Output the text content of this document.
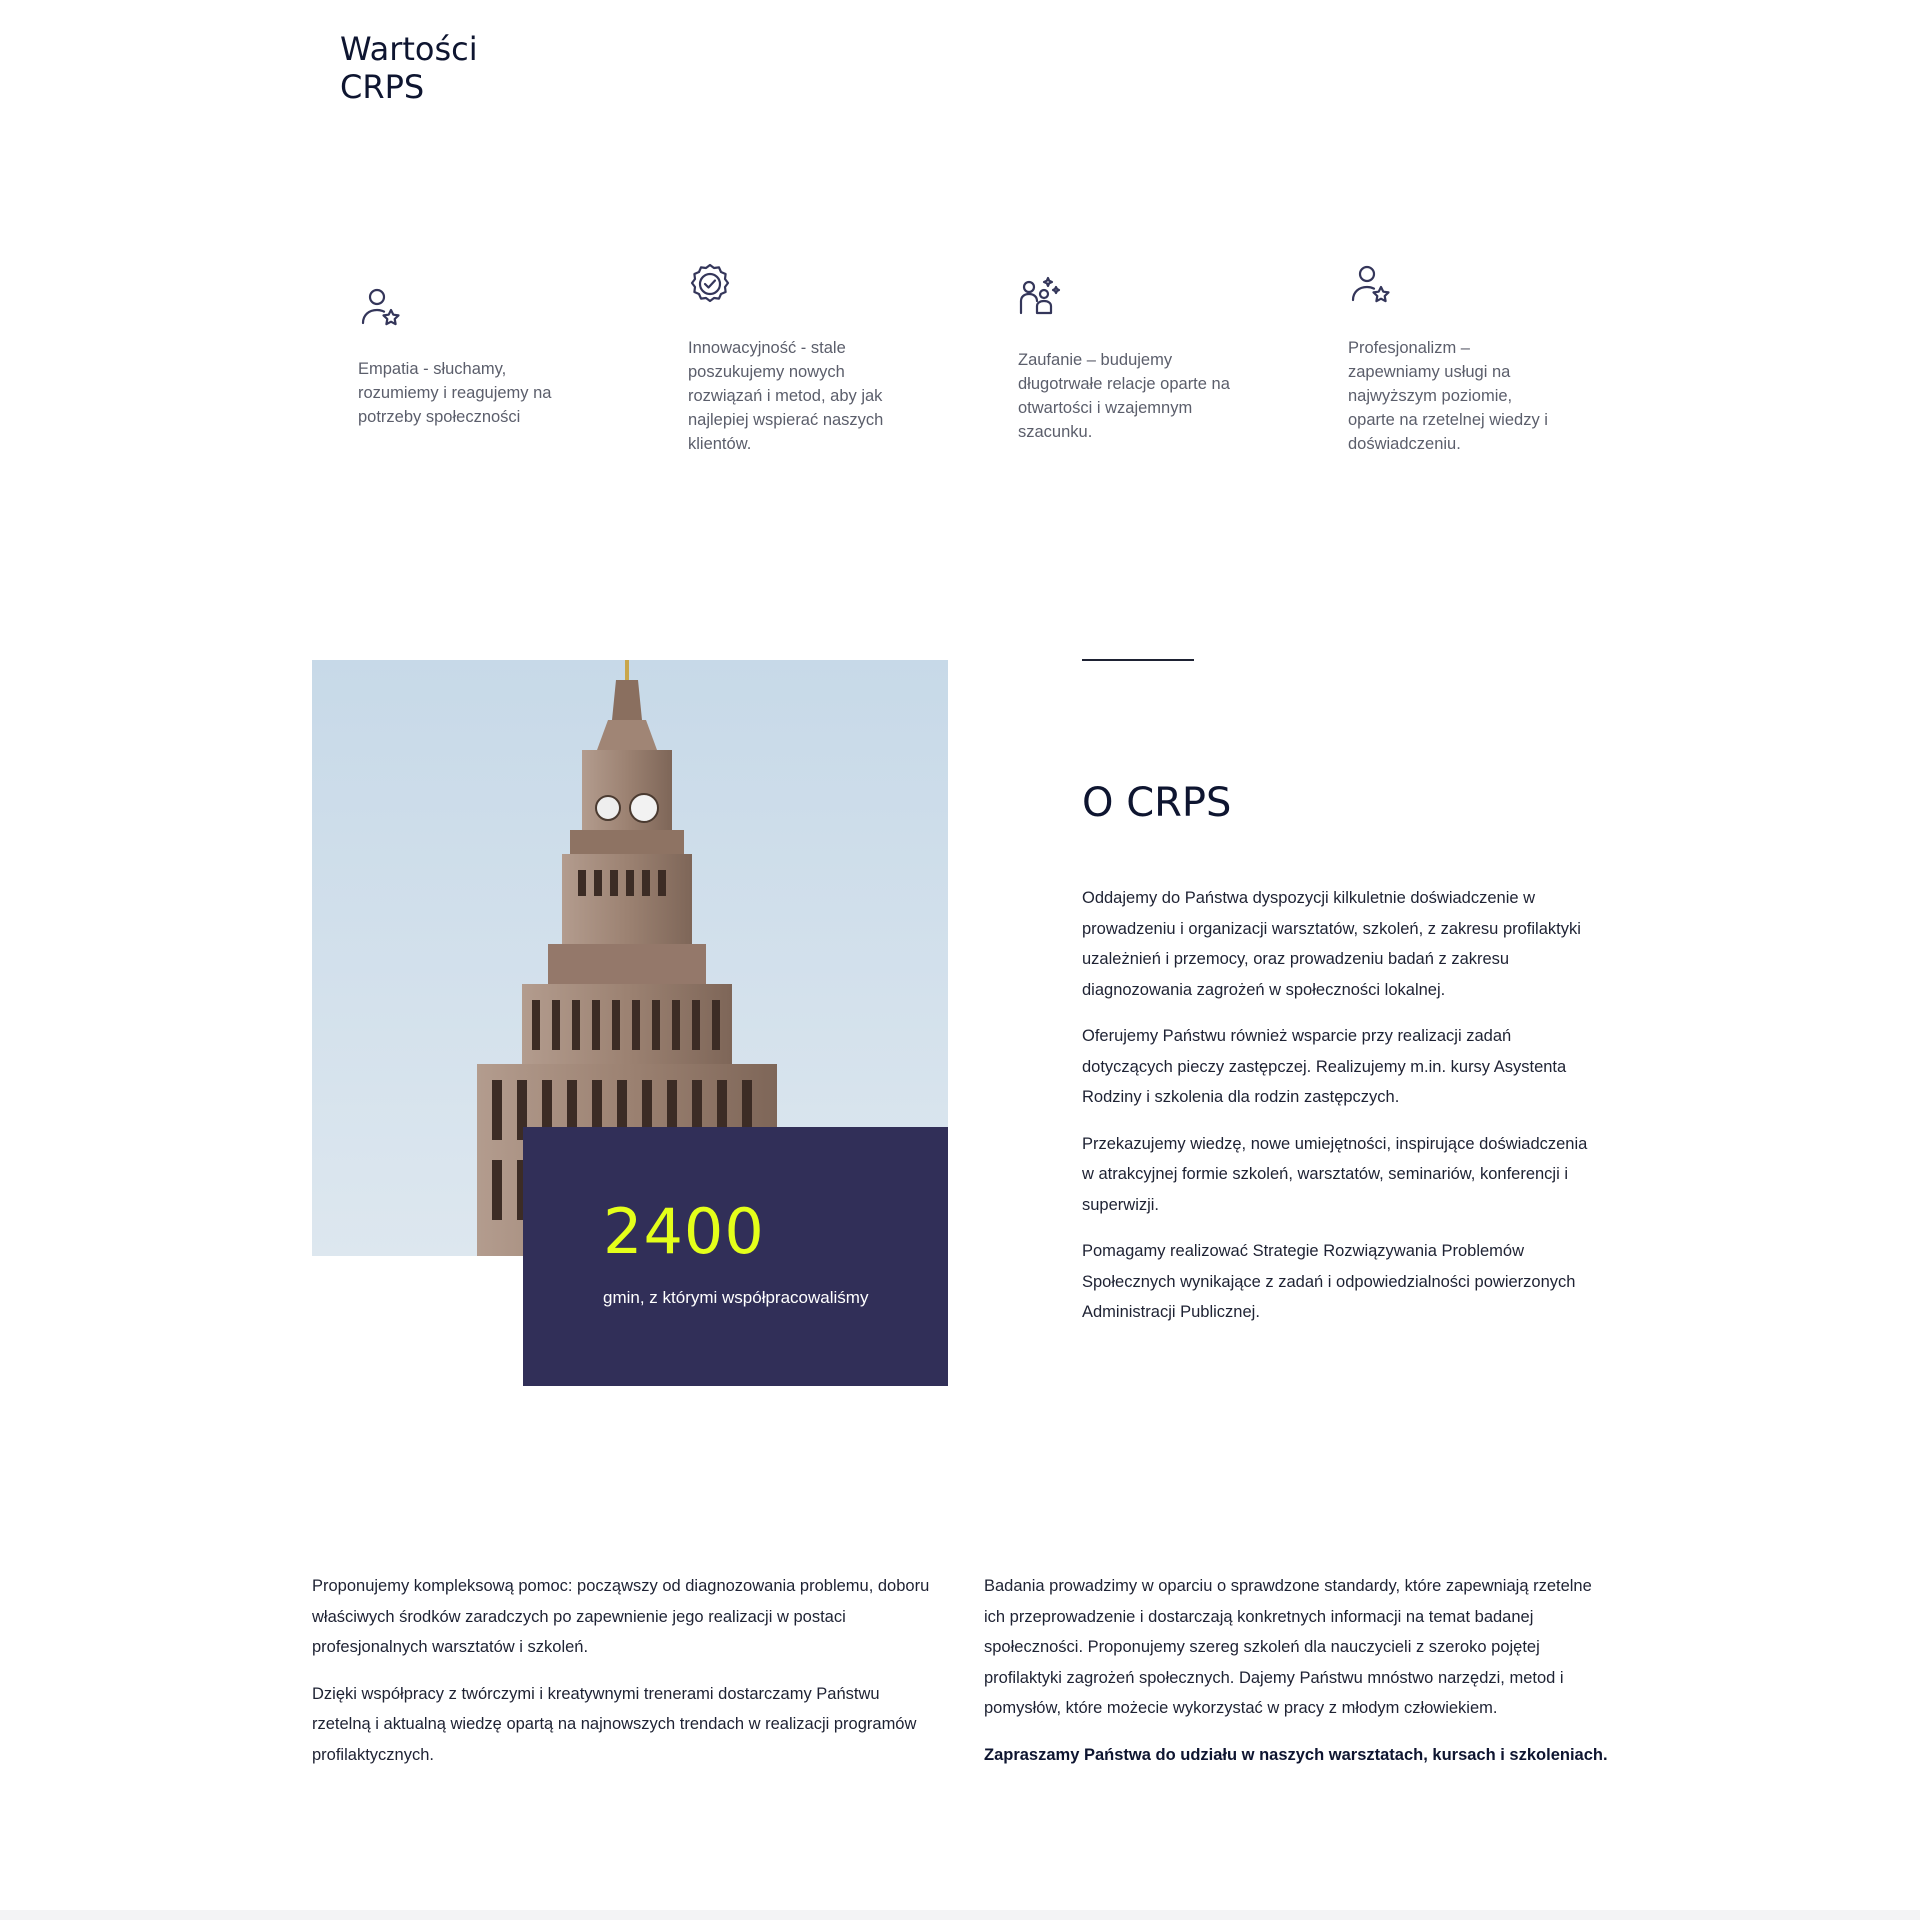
Wartości
CRPS

Empatia - słuchamy, rozumiemy i reagujemy na potrzeby społeczności

Innowacyjność - stale poszukujemy nowych rozwiązań i metod, aby jak najlepiej wspierać naszych klientów.

Zaufanie – budujemy długotrwałe relacje oparte na otwartości i wzajemnym szacunku.

Profesjonalizm – zapewniamy usługi na najwyższym poziomie, oparte na rzetelnej wiedzy i doświadczeniu.

2400
gmin, z którymi współpracowaliśmy
O CRPS

Oddajemy do Państwa dyspozycji kilkuletnie doświadczenie w prowadzeniu i organizacji warsztatów, szkoleń, z zakresu profilaktyki uzależnień i przemocy, oraz prowadzeniu badań z zakresu diagnozowania zagrożeń w społeczności lokalnej.

Oferujemy Państwu również wsparcie przy realizacji zadań dotyczących pieczy zastępczej. Realizujemy m.in. kursy Asystenta Rodziny i szkolenia dla rodzin zastępczych.

Przekazujemy wiedzę, nowe umiejętności, inspirujące doświadczenia w atrakcyjnej formie szkoleń, warsztatów, seminariów, konferencji i superwizji.

Pomagamy realizować Strategie Rozwiązywania Problemów Społecznych wynikające z zadań i odpowiedzialności powierzonych Administracji Publicznej.

Proponujemy kompleksową pomoc: począwszy od diagnozowania problemu, doboru właściwych środków zaradczych po zapewnienie jego realizacji w postaci profesjonalnych warsztatów i szkoleń.

Dzięki współpracy z twórczymi i kreatywnymi trenerami dostarczamy Państwu rzetelną i aktualną wiedzę opartą na najnowszych trendach w realizacji programów profilaktycznych.

Badania prowadzimy w oparciu o sprawdzone standardy, które zapewniają rzetelne ich przeprowadzenie i dostarczają konkretnych informacji na temat badanej społeczności. Proponujemy szereg szkoleń dla nauczycieli z szeroko pojętej profilaktyki zagrożeń społecznych. Dajemy Państwu mnóstwo narzędzi, metod i pomysłów, które możecie wykorzystać w pracy z młodym człowiekiem.

Zapraszamy Państwa do udziału w naszych warsztatach, kursach i szkoleniach.
